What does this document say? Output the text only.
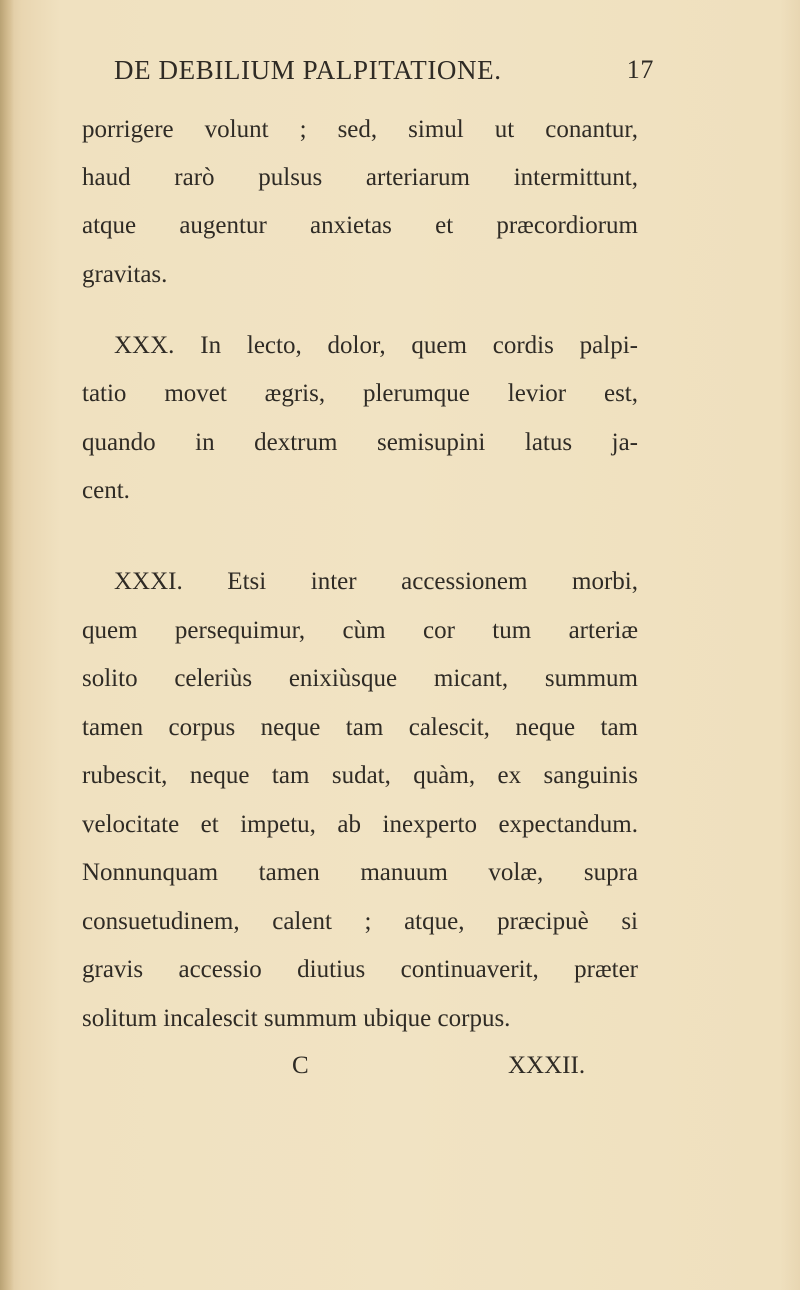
DE DEBILIUM PALPITATIONE.	17
porrigere volunt ; sed, simul ut conantur,
haud rarò pulsus arteriarum intermittunt,
atque augentur anxietas et præcordiorum
gravitas.
XXX. In lecto, dolor, quem cordis palpi-
tatio movet ægris, plerumque levior est,
quando in dextrum semisupini latus ja-
cent.
XXXI. Etsi inter accessionem morbi,
quem persequimur, cùm cor tum arteriæ
solito celeriùs enixiùsque micant, summum
tamen corpus neque tam calescit, neque tam
rubescit, neque tam sudat, quàm, ex sanguinis
velocitate et impetu, ab inexperto expectandum.
Nonnunquam tamen manuum volæ, supra
consuetudinem, calent ; atque, præcipuè si
gravis accessio diutius continuaverit, præter
solitum incalescit summum ubique corpus.
C	XXXII.
